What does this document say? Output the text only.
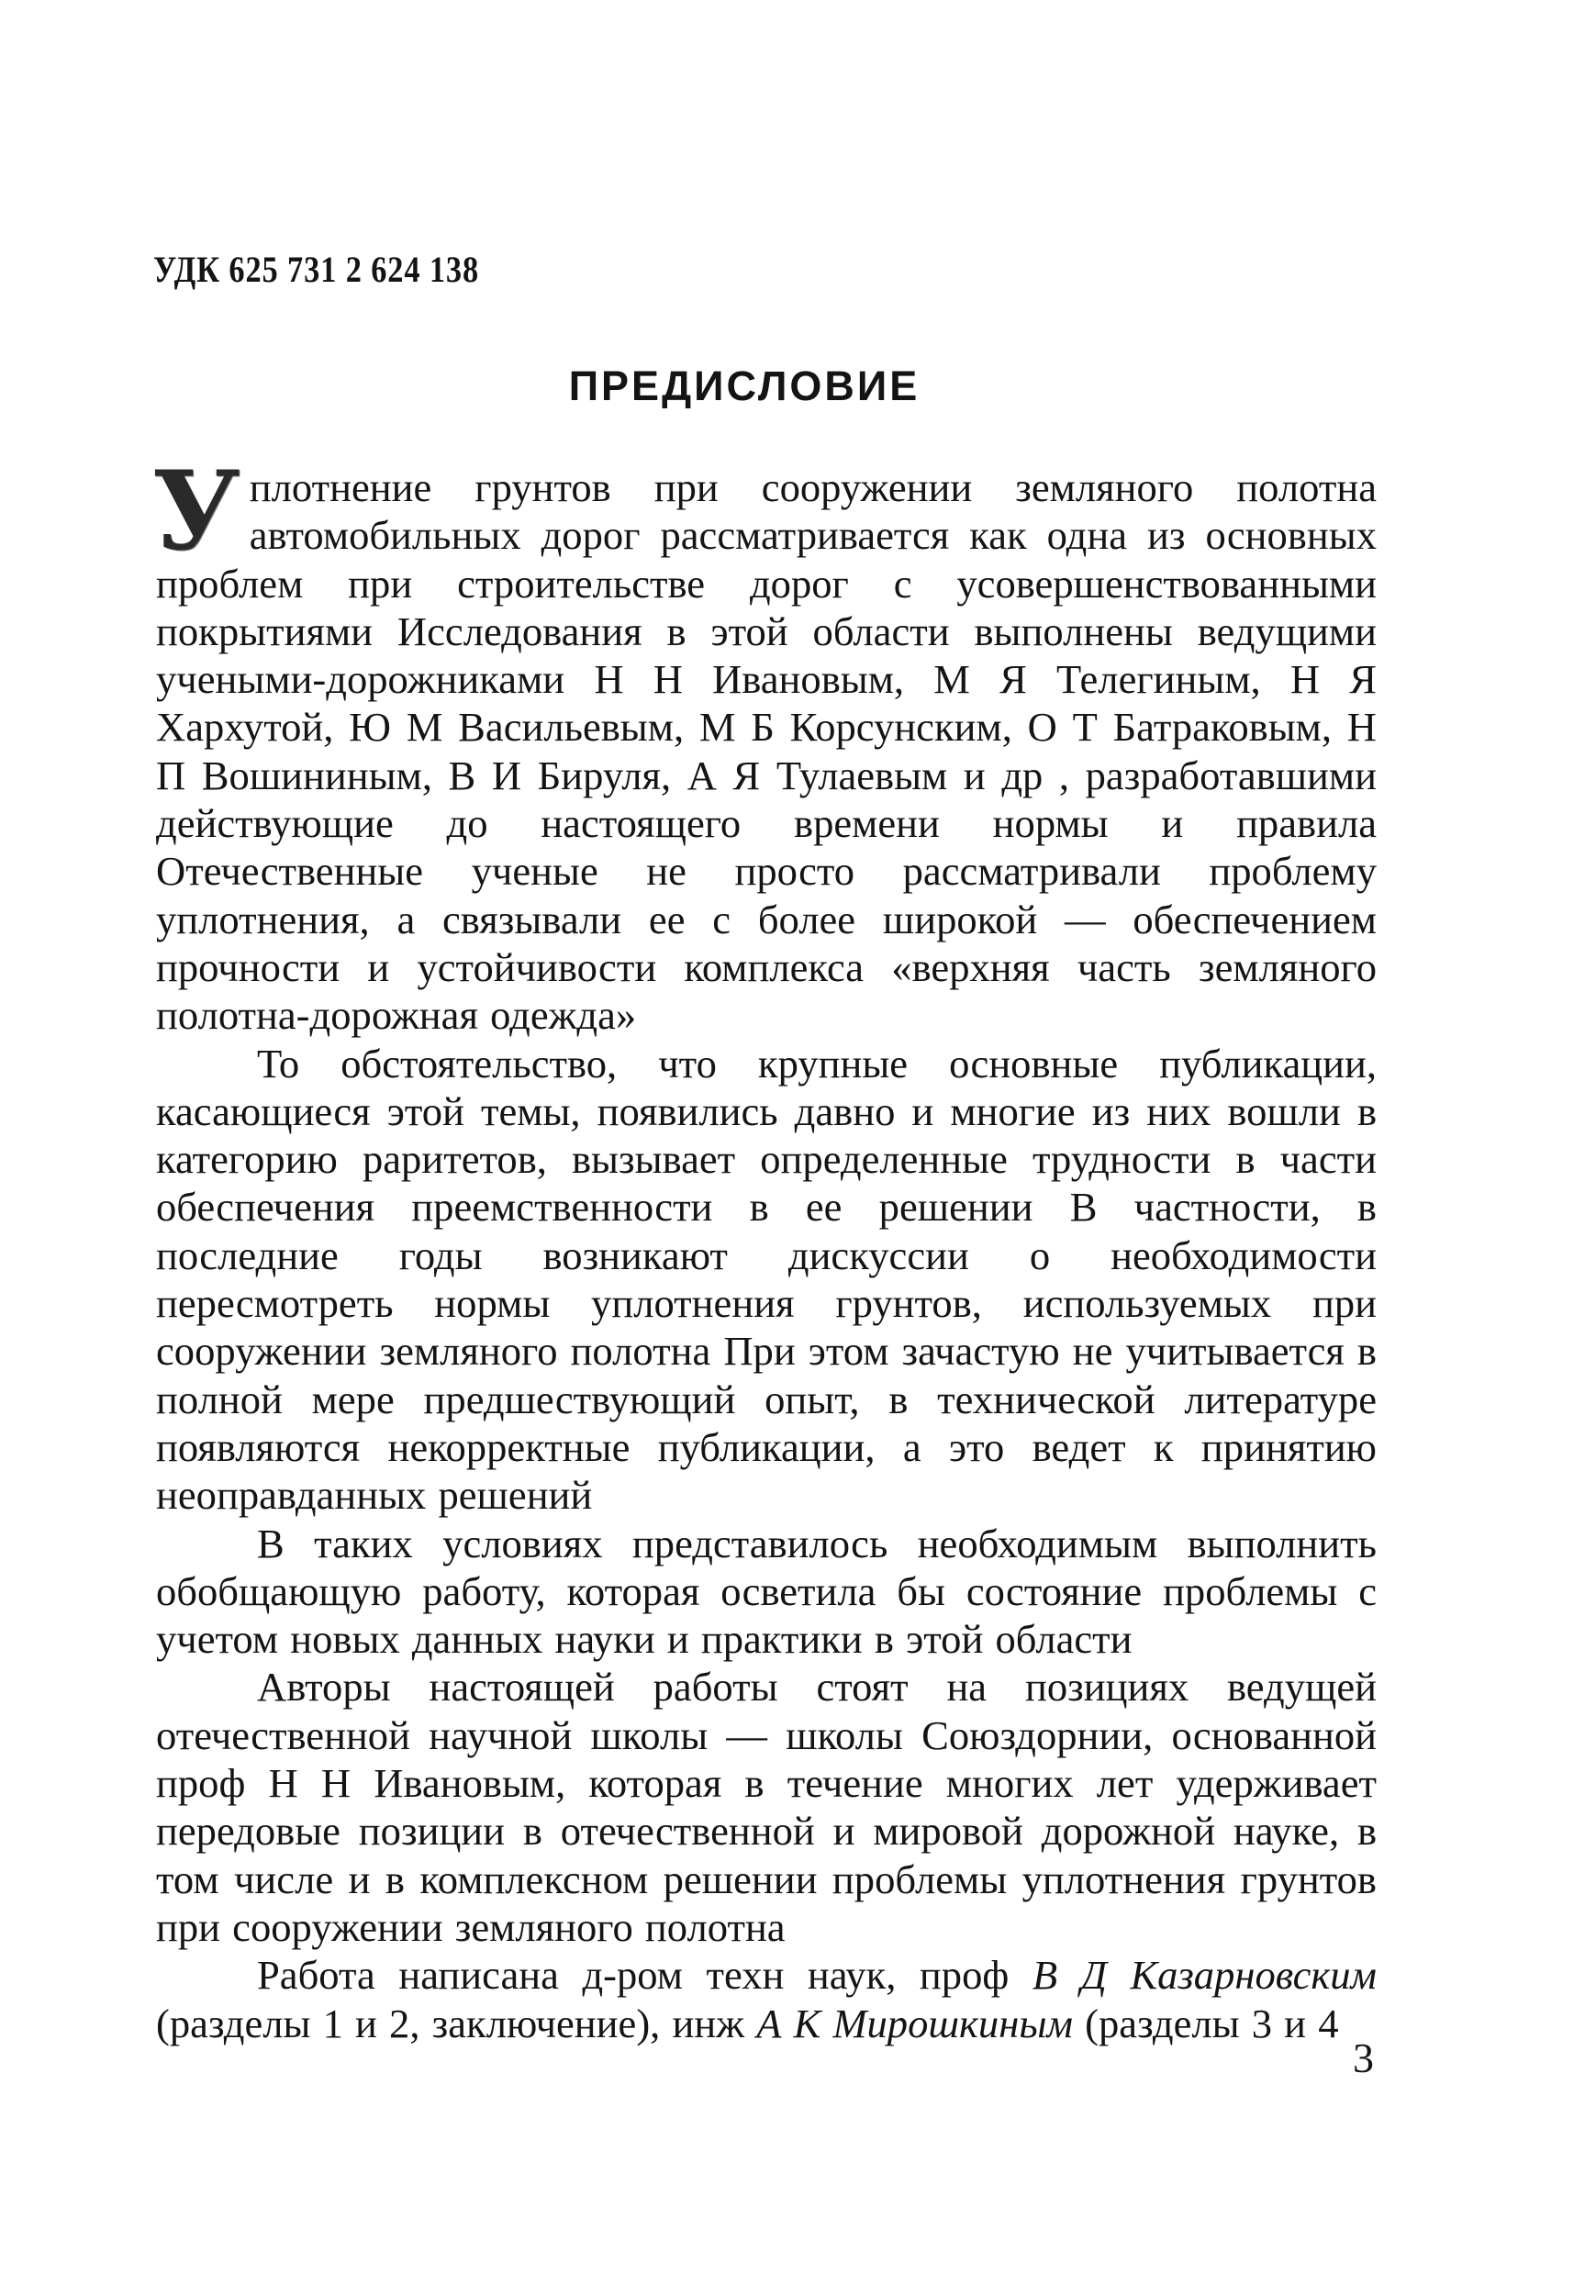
УДК 625 731 2 624 138
ПРЕДИСЛОВИЕ

Уплотнение грунтов при сооружении земляного полотна автомобильных дорог рассматривается как одна из основных проблем при строительстве дорог с усовершенствованными покрытиями Исследования в этой области выполнены ведущими учеными-дорожниками Н Н Ивановым, М Я Телегиным, Н Я Хархутой, Ю М Васильевым, М Б Корсунским, О Т Батраковым, Н П Вошининым, В И Бируля, А Я Тулаевым и др , разработавшими действующие до настоящего времени нормы и правила Отечественные ученые не просто рассматривали проблему уплотнения, а связывали ее с более широкой — обеспечением прочности и устойчивости комплекса «верхняя часть земляного полотна-дорожная одежда»

То обстоятельство, что крупные основные публикации, касающиеся этой темы, появились давно и многие из них вошли в категорию раритетов, вызывает определенные трудности в части обеспечения преемственности в ее решении В частности, в последние годы возникают дискуссии о необходимости пересмотреть нормы уплотнения грунтов, используемых при сооружении земляного полотна При этом зачастую не учитывается в полной мере предшествующий опыт, в технической литературе появляются некорректные публикации, а это ведет к принятию неоправданных решений

В таких условиях представилось необходимым выполнить обобщающую работу, которая осветила бы состояние проблемы с учетом новых данных науки и практики в этой области

Авторы настоящей работы стоят на позициях ведущей отечественной научной школы — школы Союздорнии, основанной проф Н Н Ивановым, которая в течение многих лет удерживает передовые позиции в отечественной и мировой дорожной науке, в том числе и в комплексном решении проблемы уплотнения грунтов при сооружении земляного полотна

Работа написана д-ром техн наук, проф В Д Казарновским (разделы 1 и 2, заключение), инж А К Мирошкиным (разделы 3 и 4

3
